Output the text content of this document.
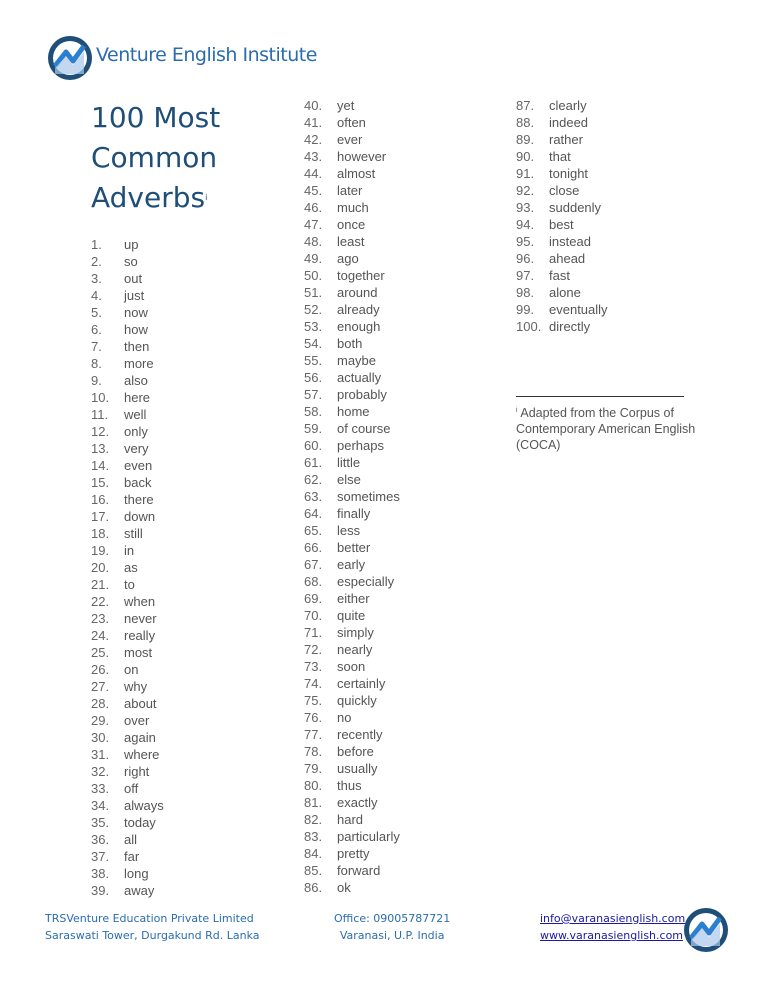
Venture English Institute
100 Most
Common
Adverbs$^i$
1. up
2. so
3. out
4. just
5. now
6. how
7. then
8. more
9. also
10. here
11. well
12. only
13. very
14. even
15. back
16. there
17. down
18. still
19. in
20. as
21. to
22. when
23. never
24. really
25. most
26. on
27. why
28. about
29. over
30. again
31. where
32. right
33. off
34. always
35. today
36. all
37. far
38. long
39. away
40. yet
41. often
42. ever
43. however
44. almost
45. later
46. much
47. once
48. least
49. ago
50. together
51. around
52. already
53. enough
54. both
55. maybe
56. actually
57. probably
58. home
59. of course
60. perhaps
61. little
62. else
63. sometimes
64. finally
65. less
66. better
67. early
68. especially
69. either
70. quite
71. simply
72. nearly
73. soon
74. certainly
75. quickly
76. no
77. recently
78. before
79. usually
80. thus
81. exactly
82. hard
83. particularly
84. pretty
85. forward
86. ok
87. clearly
88. indeed
89. rather
90. that
91. tonight
92. close
93. suddenly
94. best
95. instead
96. ahead
97. fast
98. alone
99. eventually
100. directly
$^i$ Adapted from the Corpus of Contemporary American English (COCA)
TRSVenture Education Private Limited
Saraswati Tower, Durgakund Rd. Lanka
Office: 09005787721
Varanasi, U.P. India
info@varanasienglish.com
www.varanasienglish.com
